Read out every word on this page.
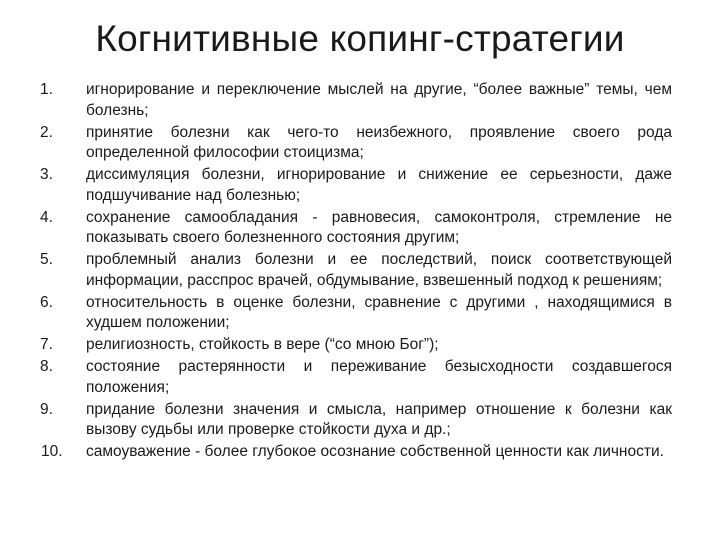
Когнитивные копинг-стратегии
1.	игнорирование и переключение мыслей на другие, “более важные” темы, чем болезнь;
2.	принятие болезни как чего-то неизбежного, проявление своего рода определенной философии стоицизма;
3.	диссимуляция болезни, игнорирование и снижение ее серьезности, даже подшучивание над болезнью;
4.	сохранение самообладания - равновесия, самоконтроля, стремление не показывать своего болезненного состояния другим;
5.	проблемный анализ болезни и ее последствий, поиск соответствующей информации, расспрос врачей, обдумывание, взвешенный подход к решениям;
6.	относительность в оценке болезни, сравнение с другими , находящимися в худшем положении;
7.	религиозность, стойкость в вере (“со мною Бог”);
8.	состояние растерянности и переживание безысходности создавшегося положения;
9.	придание болезни значения и смысла, например отношение к болезни как вызову судьбы или проверке стойкости духа и др.;
10.	самоуважение - более глубокое осознание собственной ценности как личности.
